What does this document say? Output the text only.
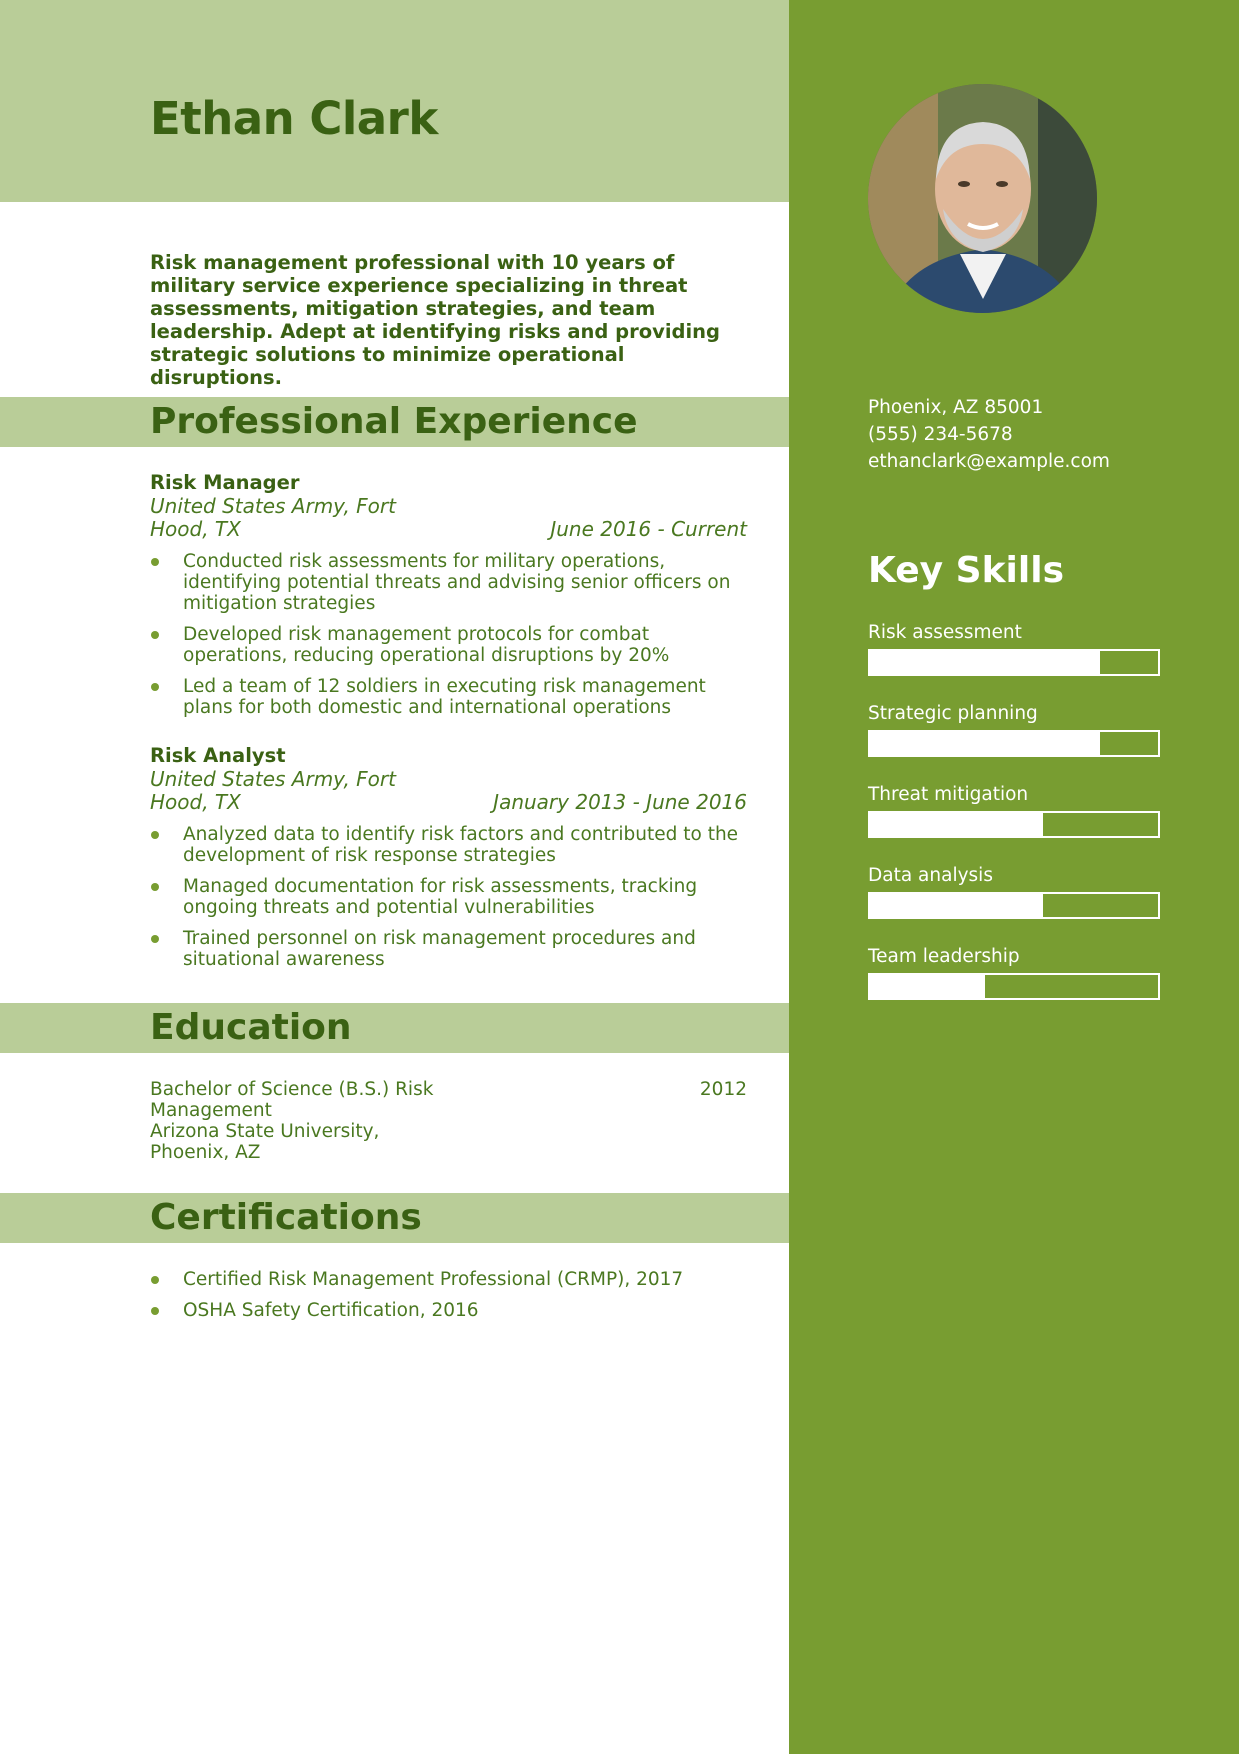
Ethan Clark

Risk management professional with 10 years of military service experience specializing in threat assessments, mitigation strategies, and team leadership. Adept at identifying risks and providing strategic solutions to minimize operational disruptions.

Professional Experience
Risk Manager
United States Army, Fort Hood, TX	June 2016 - Current
Conducted risk assessments for military operations, identifying potential threats and advising senior officers on mitigation strategies
Developed risk management protocols for combat operations, reducing operational disruptions by 20%
Led a team of 12 soldiers in executing risk management plans for both domestic and international operations
Risk Analyst
United States Army, Fort Hood, TX	January 2013 - June 2016
Analyzed data to identify risk factors and contributed to the development of risk response strategies
Managed documentation for risk assessments, tracking ongoing threats and potential vulnerabilities
Trained personnel on risk management procedures and situational awareness
Education
Bachelor of Science (B.S.) Risk Management
Arizona State University, Phoenix, AZ
2012
Certifications
Certified Risk Management Professional (CRMP), 2017
OSHA Safety Certification, 2016
Phoenix, AZ 85001
(555) 234-5678
ethanclark@example.com
Key Skills
Risk assessment
Strategic planning
Threat mitigation
Data analysis
Team leadership
